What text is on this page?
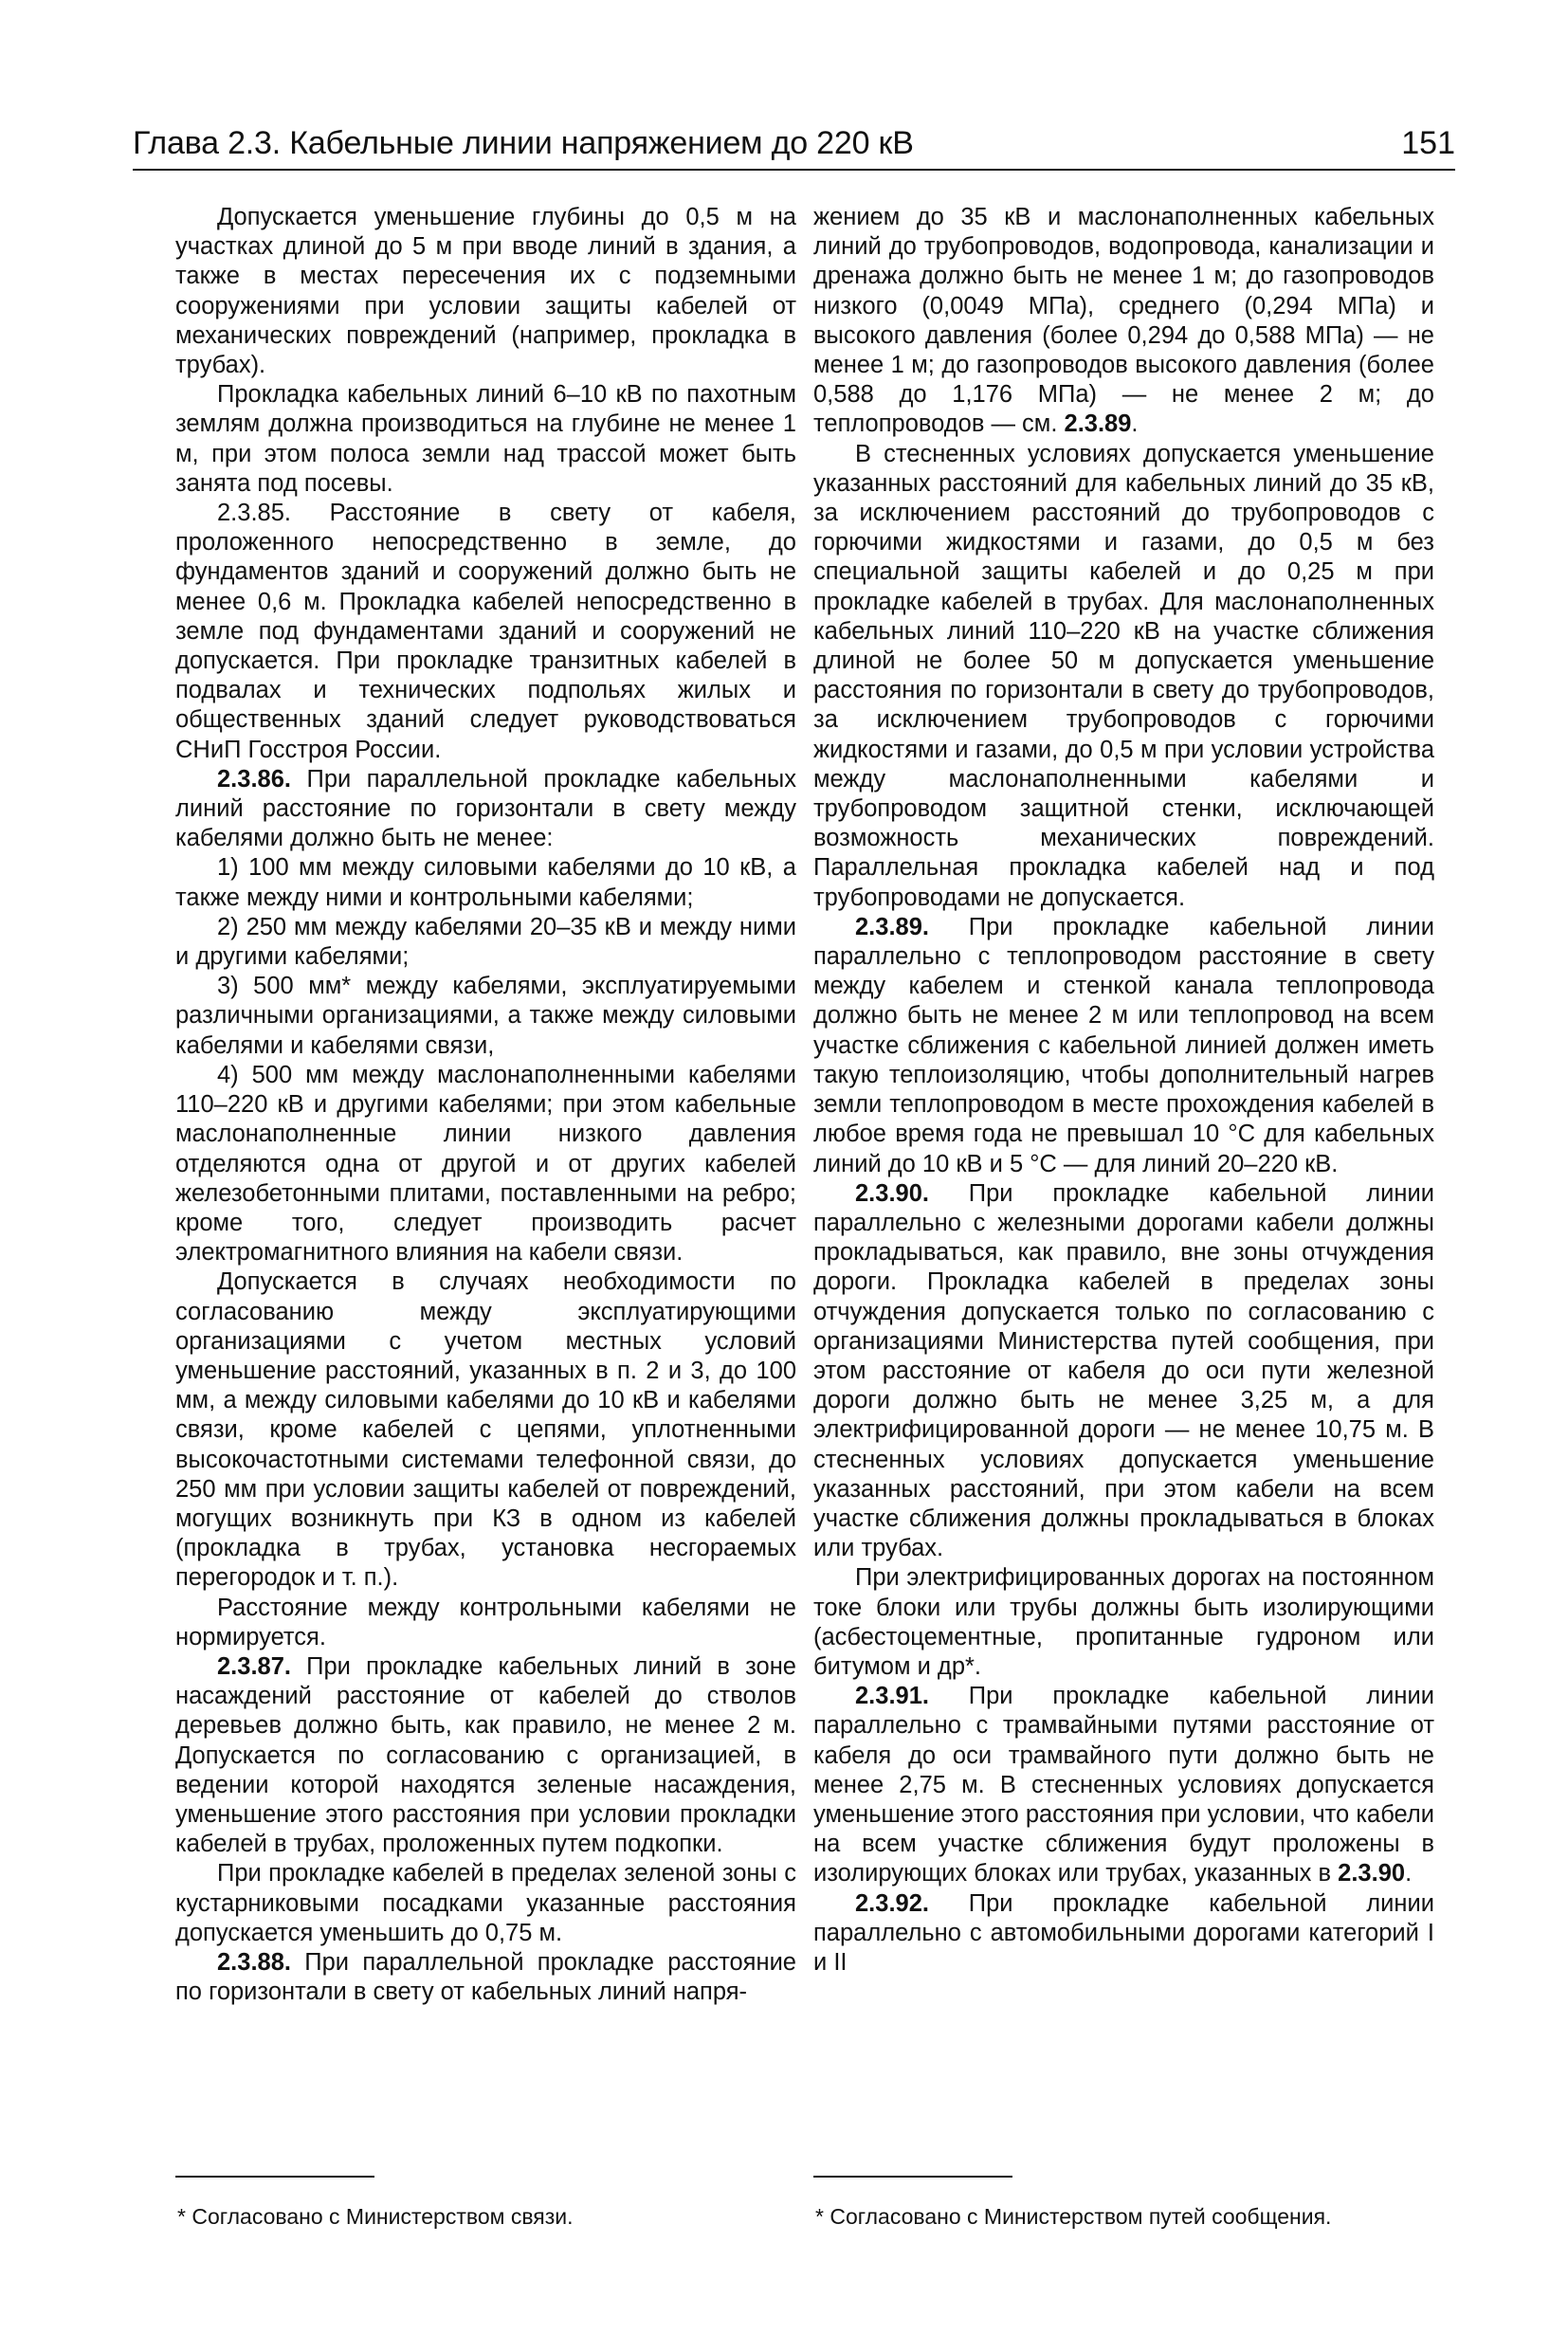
Глава 2.3. Кабельные линии напряжением до 220 кВ	151

Допускается уменьшение глубины до 0,5 м на участках длиной до 5 м при вводе линий в здания, а также в местах пересечения их с подземными сооружениями при условии защиты кабелей от механических повреждений (например, прокладка в трубах).

Прокладка кабельных линий 6–10 кВ по пахотным землям должна производиться на глубине не менее 1 м, при этом полоса земли над трассой может быть занята под посевы.

2.3.85. Расстояние в свету от кабеля, проложенного непосредственно в земле, до фундаментов зданий и сооружений должно быть не менее 0,6 м. Прокладка кабелей непосредственно в земле под фундаментами зданий и сооружений не допускается. При прокладке транзитных кабелей в подвалах и технических подпольях жилых и общественных зданий следует руководствоваться СНиП Госстроя России.

2.3.86. При параллельной прокладке кабельных линий расстояние по горизонтали в свету между кабелями должно быть не менее:

1) 100 мм между силовыми кабелями до 10 кВ, а также между ними и контрольными кабелями;

2) 250 мм между кабелями 20–35 кВ и между ними и другими кабелями;

3) 500 мм* между кабелями, эксплуатируемыми различными организациями, а также между силовыми кабелями и кабелями связи,

4) 500 мм между маслонаполненными кабелями 110–220 кВ и другими кабелями; при этом кабельные маслонаполненные линии низкого давления отделяются одна от другой и от других кабелей железобетонными плитами, поставленными на ребро; кроме того, следует производить расчет электромагнитного влияния на кабели связи.

Допускается в случаях необходимости по согласованию между эксплуатирующими организациями с учетом местных условий уменьшение расстояний, указанных в п. 2 и 3, до 100 мм, а между силовыми кабелями до 10 кВ и кабелями связи, кроме кабелей с цепями, уплотненными высокочастотными системами телефонной связи, до 250 мм при условии защиты кабелей от повреждений, могущих возникнуть при КЗ в одном из кабелей (прокладка в трубах, установка несгораемых перегородок и т. п.).

Расстояние между контрольными кабелями не нормируется.

2.3.87. При прокладке кабельных линий в зоне насаждений расстояние от кабелей до стволов деревьев должно быть, как правило, не менее 2 м. Допускается по согласованию с организацией, в ведении которой находятся зеленые насаждения, уменьшение этого расстояния при условии прокладки кабелей в трубах, проложенных путем подкопки.

При прокладке кабелей в пределах зеленой зоны с кустарниковыми посадками указанные расстояния допускается уменьшить до 0,75 м.

2.3.88. При параллельной прокладке расстояние по горизонтали в свету от кабельных линий напря-

жением до 35 кВ и маслонаполненных кабельных линий до трубопроводов, водопровода, канализации и дренажа должно быть не менее 1 м; до газопроводов низкого (0,0049 МПа), среднего (0,294 МПа) и высокого давления (более 0,294 до 0,588 МПа) — не менее 1 м; до газопроводов высокого давления (более 0,588 до 1,176 МПа) — не менее 2 м; до теплопроводов — см. 2.3.89.

В стесненных условиях допускается уменьшение указанных расстояний для кабельных линий до 35 кВ, за исключением расстояний до трубопроводов с горючими жидкостями и газами, до 0,5 м без специальной защиты кабелей и до 0,25 м при прокладке кабелей в трубах. Для маслонаполненных кабельных линий 110–220 кВ на участке сближения длиной не более 50 м допускается уменьшение расстояния по горизонтали в свету до трубопроводов, за исключением трубопроводов с горючими жидкостями и газами, до 0,5 м при условии устройства между маслонаполненными кабелями и трубопроводом защитной стенки, исключающей возможность механических повреждений. Параллельная прокладка кабелей над и под трубопроводами не допускается.

2.3.89. При прокладке кабельной линии параллельно с теплопроводом расстояние в свету между кабелем и стенкой канала теплопровода должно быть не менее 2 м или теплопровод на всем участке сближения с кабельной линией должен иметь такую теплоизоляцию, чтобы дополнительный нагрев земли теплопроводом в месте прохождения кабелей в любое время года не превышал 10 °С для кабельных линий до 10 кВ и 5 °С — для линий 20–220 кВ.

2.3.90. При прокладке кабельной линии параллельно с железными дорогами кабели должны прокладываться, как правило, вне зоны отчуждения дороги. Прокладка кабелей в пределах зоны отчуждения допускается только по согласованию с организациями Министерства путей сообщения, при этом расстояние от кабеля до оси пути железной дороги должно быть не менее 3,25 м, а для электрифицированной дороги — не менее 10,75 м. В стесненных условиях допускается уменьшение указанных расстояний, при этом кабели на всем участке сближения должны прокладываться в блоках или трубах.

При электрифицированных дорогах на постоянном токе блоки или трубы должны быть изолирующими (асбестоцементные, пропитанные гудроном или битумом и др*.

2.3.91. При прокладке кабельной линии параллельно с трамвайными путями расстояние от кабеля до оси трамвайного пути должно быть не менее 2,75 м. В стесненных условиях допускается уменьшение этого расстояния при условии, что кабели на всем участке сближения будут проложены в изолирующих блоках или трубах, указанных в 2.3.90.

2.3.92. При прокладке кабельной линии параллельно с автомобильными дорогами категорий I и II

* Согласовано с Министерством связи.	* Согласовано с Министерством путей сообщения.
